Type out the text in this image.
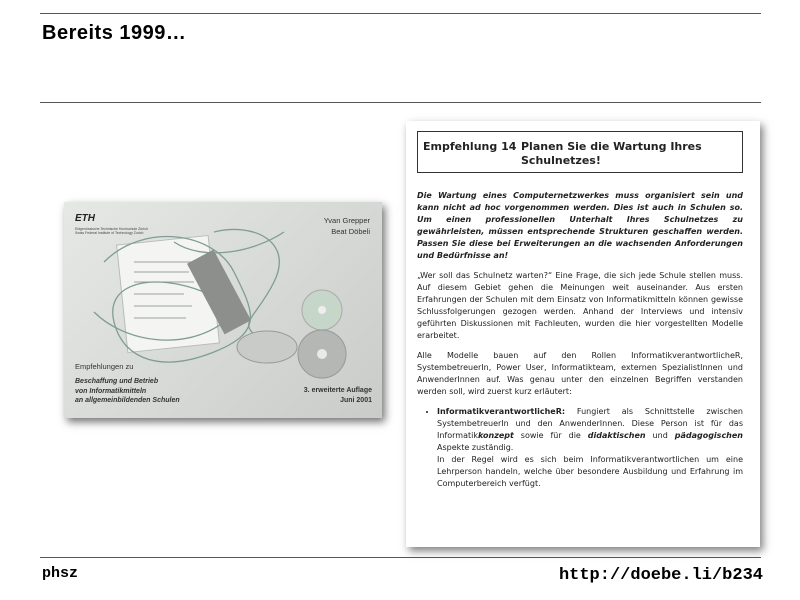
Bereits 1999…
ETH
Eidgenössische Technische Hochschule Zürich Swiss Federal Institute of Technology Zurich
Yvan Grepper
Beat Döbeli
Empfehlungen zu
Beschaffung und Betrieb
von Informatikmitteln
an allgemeinbildenden Schulen
3. erweiterte Auflage
Juni 2001
Empfehlung 14 Planen Sie die Wartung Ihres Schulnetzes!

Die Wartung eines Computernetzwerkes muss organisiert sein und kann nicht ad hoc vorgenommen werden. Dies ist auch in Schulen so. Um einen professionellen Unterhalt Ihres Schulnetzes zu gewährleisten, müssen entsprechende Strukturen geschaffen werden. Passen Sie diese bei Erweiterungen an die wachsenden Anforderungen und Bedürfnisse an!

„Wer soll das Schulnetz warten?“ Eine Frage, die sich jede Schule stellen muss. Auf diesem Gebiet gehen die Meinungen weit auseinander. Aus ersten Erfahrungen der Schulen mit dem Einsatz von Informatikmitteln können gewisse Schlussfolgerungen gezogen werden. Anhand der Interviews und intensiv geführten Diskussionen mit Fachleuten, wurden die hier vorgestellten Modelle erarbeitet.

Alle Modelle bauen auf den Rollen InformatikverantwortlicheR, SystembetreuerIn, Power User, Informatikteam, externen SpezialistInnen und AnwenderInnen auf. Was genau unter den einzelnen Begriffen verstanden werden soll, wird zuerst kurz erläutert:

• InformatikverantwortlicheR: Fungiert als Schnittstelle zwischen SystembetreuerIn und den AnwenderInnen. Diese Person ist für das Informatikkonzept sowie für die didaktischen und pädagogischen Aspekte zuständig.
In der Regel wird es sich beim Informatikverantwortlichen um eine Lehrperson handeln, welche über besondere Ausbildung und Erfahrung im Computerbereich verfügt.
phsz	http://doebe.li/b234
